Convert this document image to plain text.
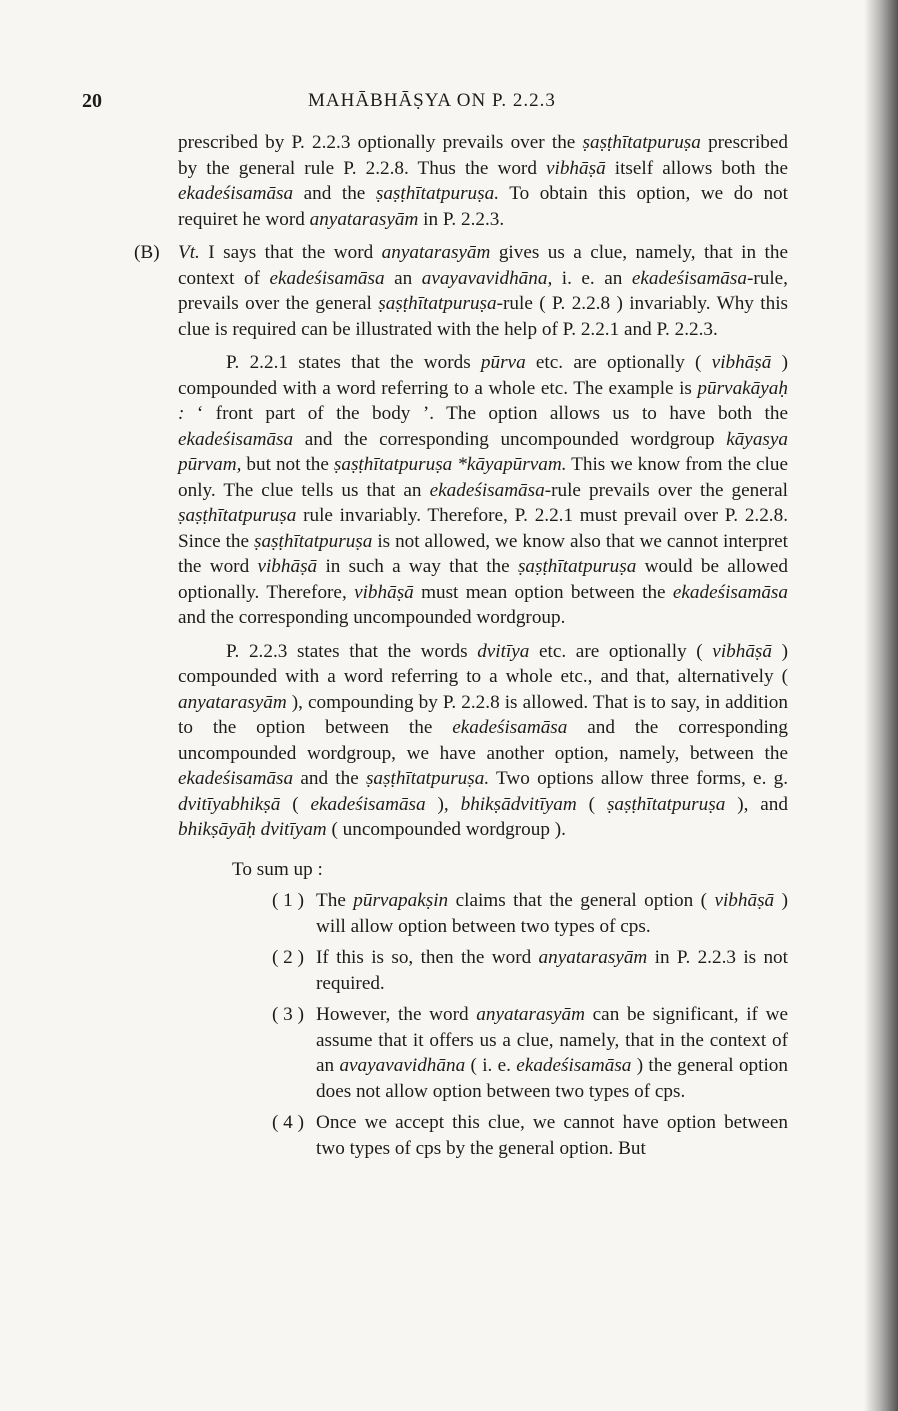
20	MAHĀBHĀṢYA ON P. 2.2.3

prescribed by P. 2.2.3 optionally prevails over the ṣaṣṭhītatpuruṣa prescribed by the general rule P. 2.2.8. Thus the word vibhāṣā itself allows both the ekadeśisamāsa and the ṣaṣṭhītatpuruṣa. To obtain this option, we do not requiret he word anyatarasyām in P. 2.2.3.

(B) Vt. I says that the word anyatarasyām gives us a clue, namely, that in the context of ekadeśisamāsa an avayavavidhāna, i. e. an ekadeśisamāsa-rule, prevails over the general ṣaṣṭhītatpuruṣa-rule ( P. 2.2.8 ) invariably. Why this clue is required can be illustrated with the help of P. 2.2.1 and P. 2.2.3.

P. 2.2.1 states that the words pūrva etc. are optionally ( vibhāṣā ) compounded with a word referring to a whole etc. The example is pūrvakāyaḥ : ‘ front part of the body ’. The option allows us to have both the ekadeśisamāsa and the corresponding uncompounded wordgroup kāyasya pūrvam, but not the ṣaṣṭhītatpuruṣa *kāyapūrvam. This we know from the clue only. The clue tells us that an ekadeśisamāsa-rule prevails over the general ṣaṣṭhītatpuruṣa rule invariably. Therefore, P. 2.2.1 must prevail over P. 2.2.8. Since the ṣaṣṭhītatpuruṣa is not allowed, we know also that we cannot interpret the word vibhāṣā in such a way that the ṣaṣṭhītatpuruṣa would be allowed optionally. Therefore, vibhāṣā must mean option between the ekadeśisamāsa and the corresponding uncompounded wordgroup.

P. 2.2.3 states that the words dvitīya etc. are optionally ( vibhāṣā ) compounded with a word referring to a whole etc., and that, alternatively ( anyatarasyām ), compounding by P. 2.2.8 is allowed. That is to say, in addition to the option between the ekadeśisamāsa and the corresponding uncompounded wordgroup, we have another option, namely, between the ekadeśisamāsa and the ṣaṣṭhītatpuruṣa. Two options allow three forms, e. g. dvitīyabhikṣā ( ekadeśisamāsa ), bhikṣādvitīyam ( ṣaṣṭhītatpuruṣa ), and bhikṣāyāḥ dvitīyam ( uncompounded wordgroup ).

To sum up :

( 1 ) The pūrvapakṣin claims that the general option ( vibhāṣā ) will allow option between two types of cps.
( 2 ) If this is so, then the word anyatarasyām in P. 2.2.3 is not required.
( 3 ) However, the word anyatarasyām can be significant, if we assume that it offers us a clue, namely, that in the context of an avayavavidhāna ( i. e. ekadeśisamāsa ) the general option does not allow option between two types of cps.
( 4 ) Once we accept this clue, we cannot have option between two types of cps by the general option. But
